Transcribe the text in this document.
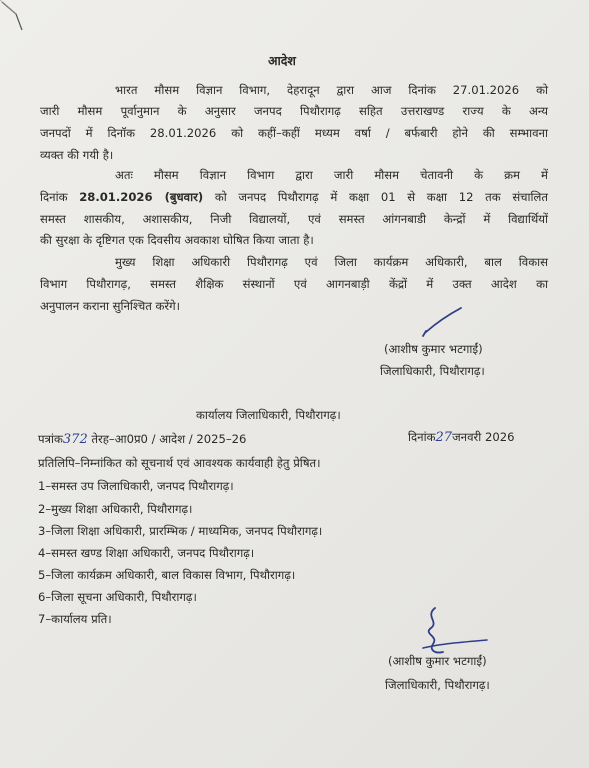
आदेश
भारत मौसम विज्ञान विभाग, देहरादून द्वारा आज दिनांक 27.01.2026 को
जारी मौसम पूर्वानुमान के अनुसार जनपद पिथौरागढ़ सहित उत्तराखण्ड राज्य के अन्य
जनपदों में दिनॉक 28.01.2026 को कहीं–कहीं मध्यम वर्षा / बर्फबारी होने की सम्भावना
व्यक्त की गयी है।
अतः मौसम विज्ञान विभाग द्वारा जारी मौसम चेतावनी के क्रम में
दिनांक 28.01.2026 (बुधवार) को जनपद पिथौरागढ़ में कक्षा 01 से कक्षा 12 तक संचालित
समस्त शासकीय, अशासकीय, निजी विद्यालयों, एवं समस्त आंगनबाडी केन्द्रों में विद्यार्थियों
की सुरक्षा के दृष्टिगत एक दिवसीय अवकाश घोषित किया जाता है।
मुख्य शिक्षा अधिकारी पिथौरागढ़ एवं जिला कार्यक्रम अधिकारी, बाल विकास
विभाग पिथौरागढ़, समस्त शैक्षिक संस्थानों एवं आगनबाड़ी केंद्रों में उक्त आदेश का
अनुपालन कराना सुनिश्चित करेंगे।
(आशीष कुमार भटगाईं)
जिलाधिकारी, पिथौरागढ़।
कार्यालय जिलाधिकारी, पिथौरागढ़।
पत्रांक372 तेरह–आ0प्र0 / आदेश / 2025–26	दिनांक27जनवरी 2026
प्रतिलिपि–निम्नांकित को सूचनार्थ एवं आवश्यक कार्यवाही हेतु प्रेषित।
1–समस्त उप जिलाधिकारी, जनपद पिथौरागढ़।
2–मुख्य शिक्षा अधिकारी, पिथौरागढ़।
3–जिला शिक्षा अधिकारी, प्रारम्भिक / माध्यमिक, जनपद पिथौरागढ़।
4–समस्त खण्ड शिक्षा अधिकारी, जनपद पिथौरागढ़।
5–जिला कार्यक्रम अधिकारी, बाल विकास विभाग, पिथौरागढ़।
6–जिला सूचना अधिकारी, पिथौरागढ़।
7–कार्यालय प्रति।
(आशीष कुमार भटगाईं)
जिलाधिकारी, पिथौरागढ़।
